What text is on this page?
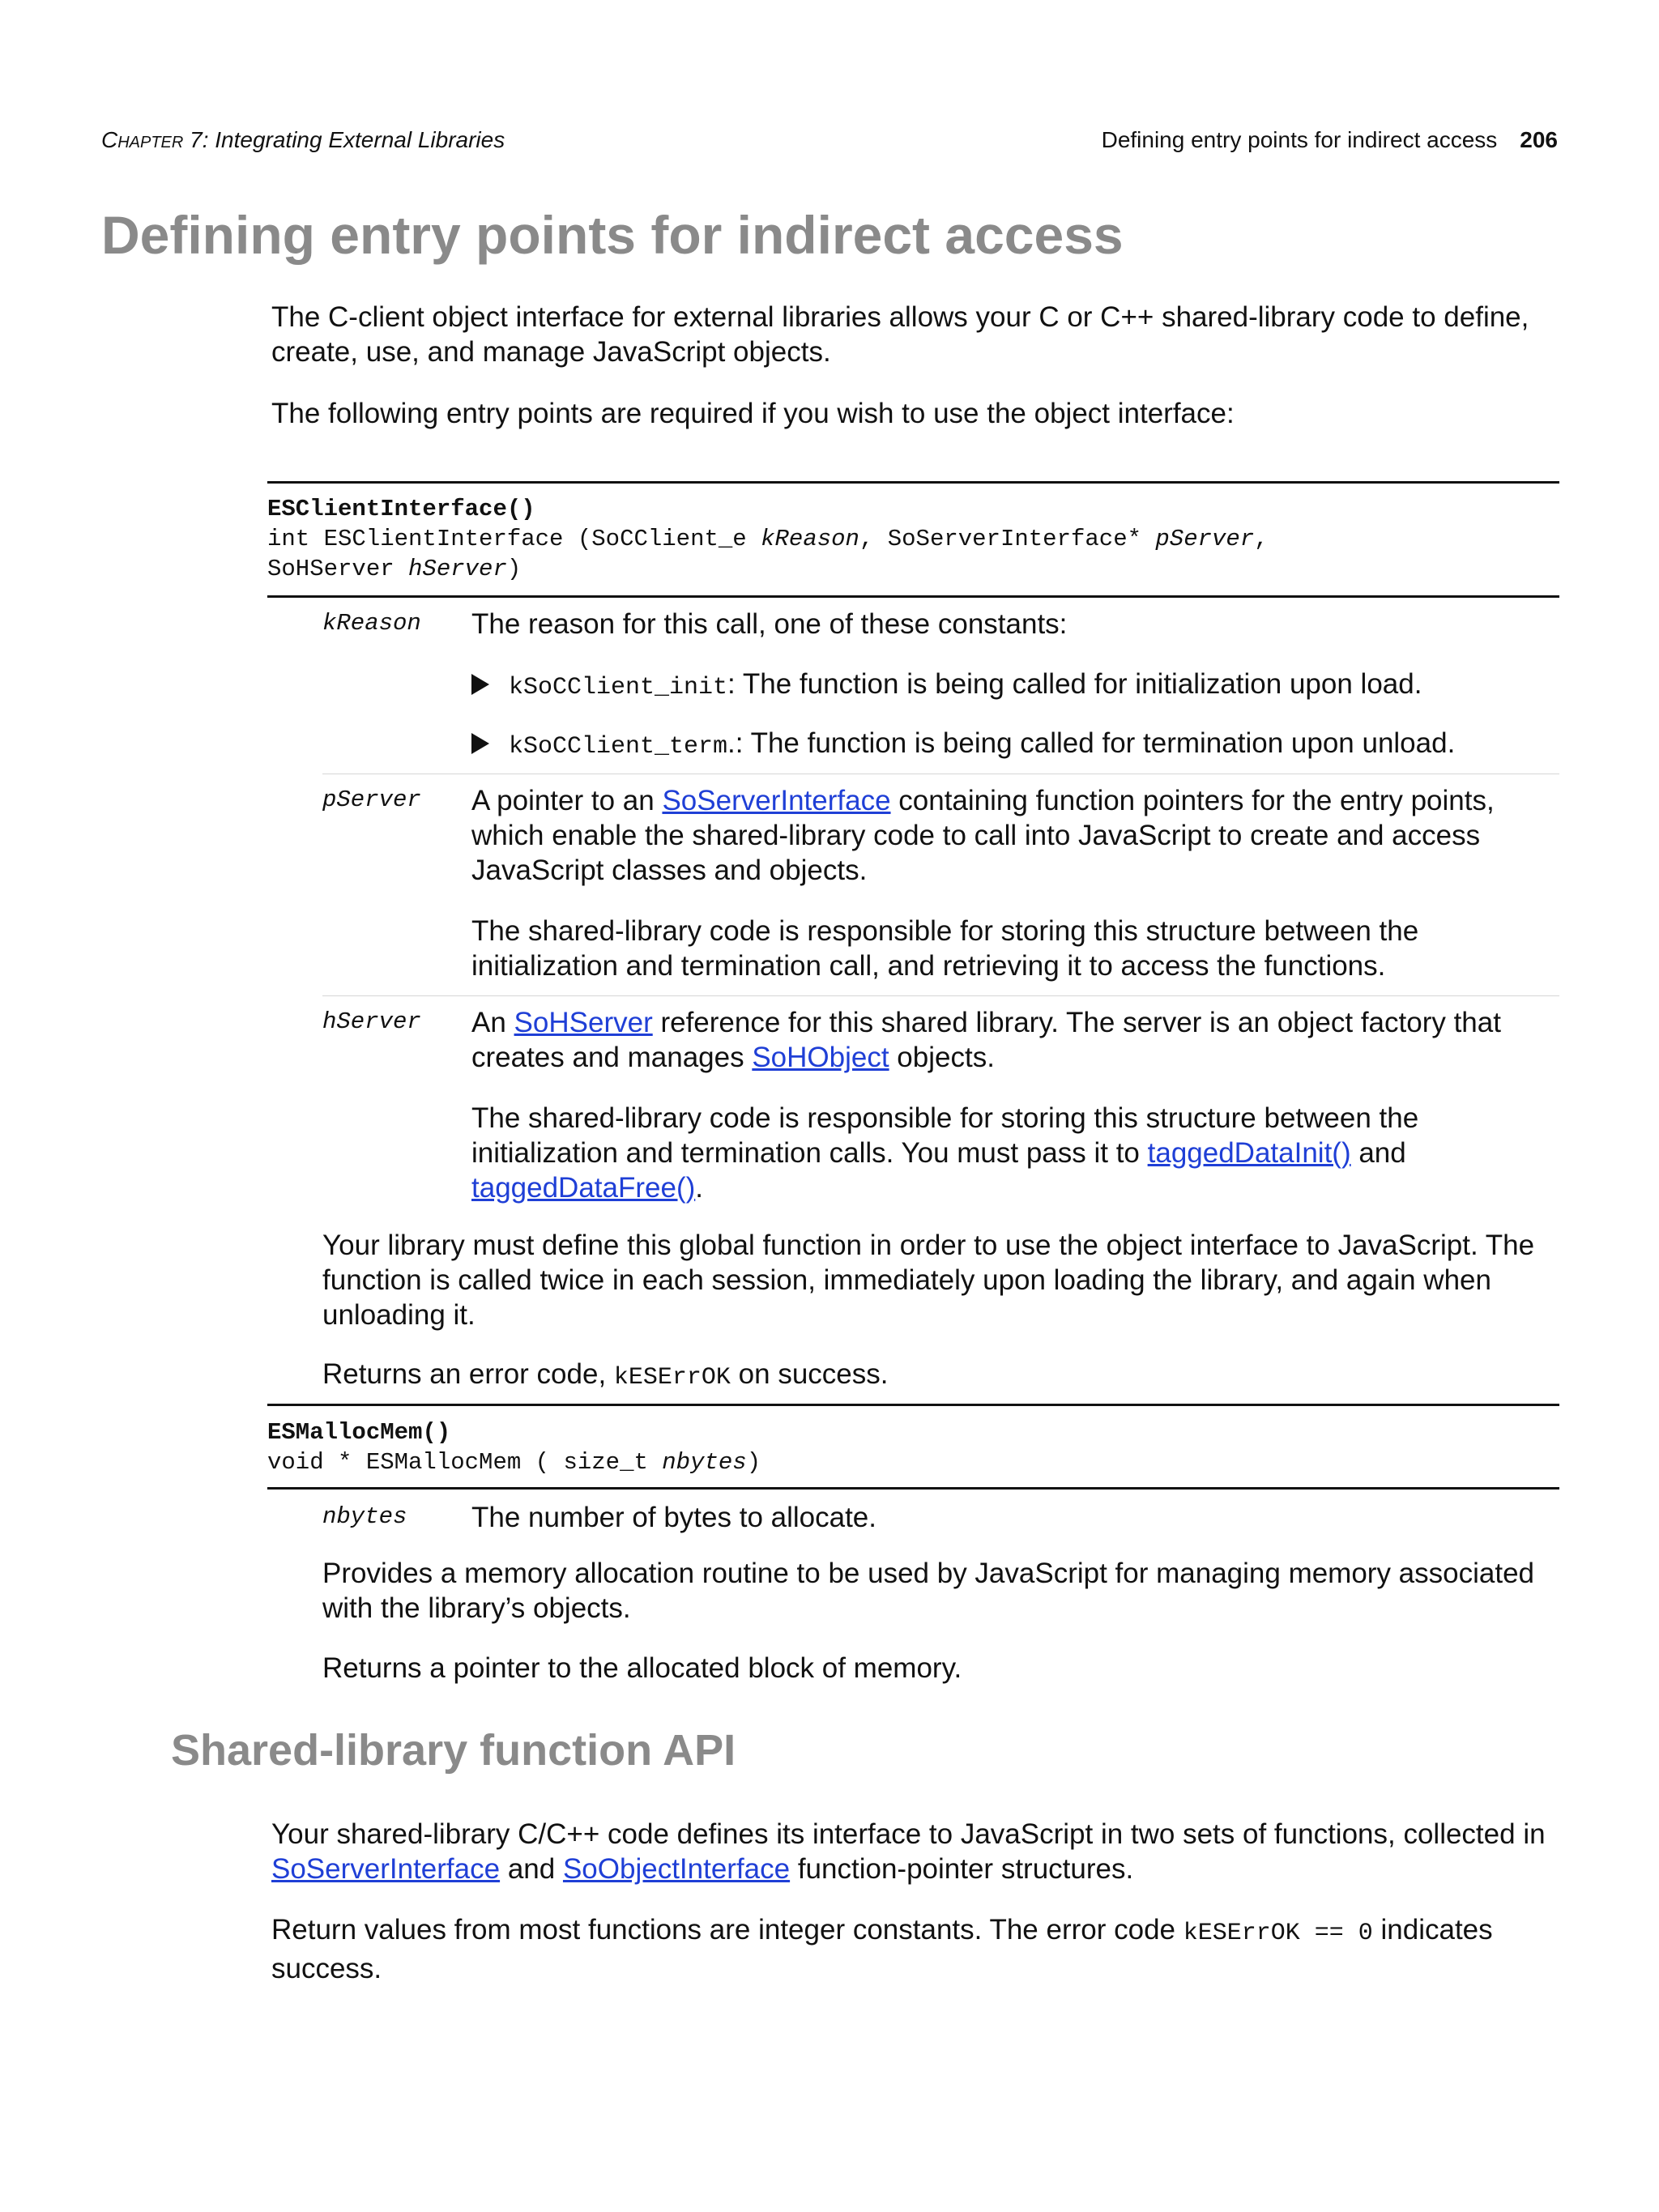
Chapter 7: Integrating External Libraries	Defining entry points for indirect access 206
Defining entry points for indirect access

The C-client object interface for external libraries allows your C or C++ shared-library code to define, create, use, and manage JavaScript objects.

The following entry points are required if you wish to use the object interface:

ESClientInterface()
int ESClientInterface (SoCClient_e kReason, SoServerInterface* pServer,
SoHServer hServer)
kReason The reason for this call, one of these constants:

kSoCClient_init: The function is being called for initialization upon load.
kSoCClient_term.: The function is being called for termination upon unload.
pServer A pointer to an SoServerInterface containing function pointers for the entry points, which enable the shared-library code to call into JavaScript to create and access JavaScript classes and objects.

The shared-library code is responsible for storing this structure between the initialization and termination call, and retrieving it to access the functions.

hServer An SoHServer reference for this shared library. The server is an object factory that creates and manages SoHObject objects.

The shared-library code is responsible for storing this structure between the initialization and termination calls. You must pass it to taggedDataInit() and taggedDataFree().

Your library must define this global function in order to use the object interface to JavaScript. The function is called twice in each session, immediately upon loading the library, and again when unloading it.

Returns an error code, kESErrOK on success.

ESMallocMem()
void * ESMallocMem ( size_t nbytes)
nbytes The number of bytes to allocate.

Provides a memory allocation routine to be used by JavaScript for managing memory associated with the library’s objects.

Returns a pointer to the allocated block of memory.

Shared-library function API

Your shared-library C/C++ code defines its interface to JavaScript in two sets of functions, collected in SoServerInterface and SoObjectInterface function-pointer structures.

Return values from most functions are integer constants. The error code kESErrOK == 0 indicates success.
